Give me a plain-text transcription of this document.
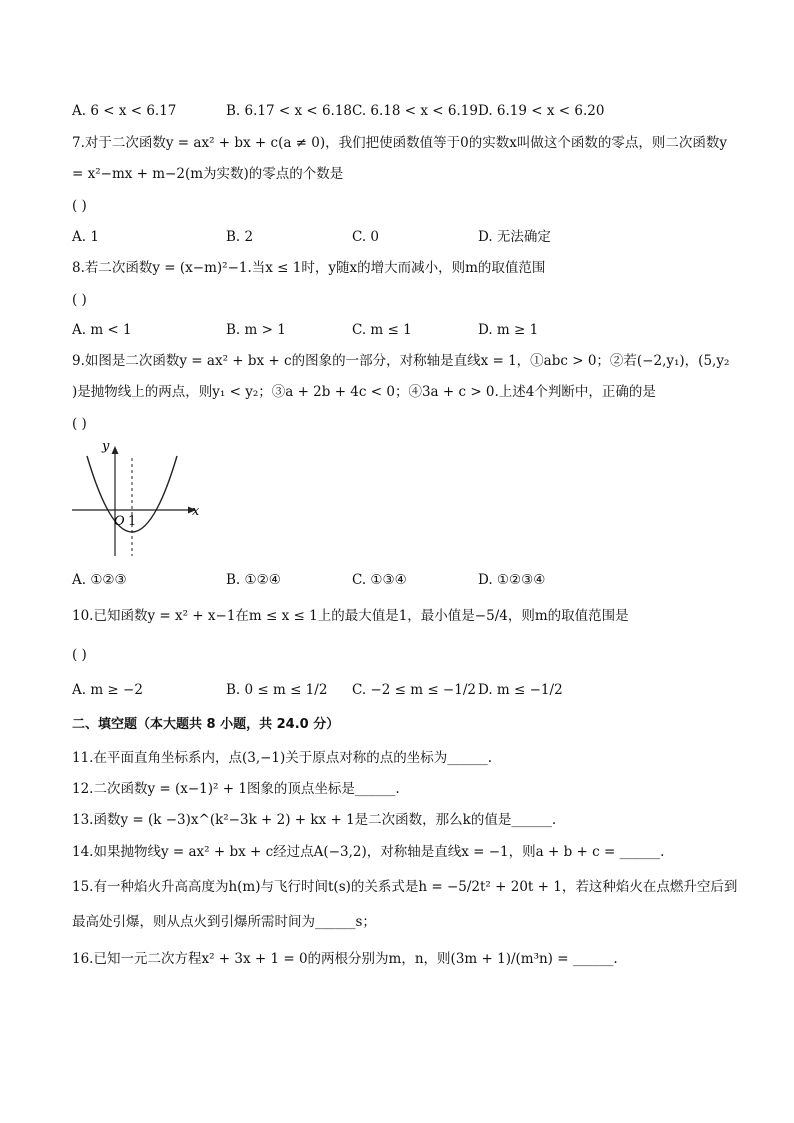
A. 6 < x < 6.17	B. 6.17 < x < 6.18 C. 6.18 < x < 6.19 D. 6.19 < x < 6.20
7.对于二次函数y = ax² + bx + c(a ≠ 0)，我们把使函数值等于0的实数x叫做这个函数的零点，则二次函数y
= x²−mx + m−2(m为实数)的零点的个数是
( )
A. 1	B. 2	C. 0	D. 无法确定
8.若二次函数y = (x−m)²−1.当x ≤ 1时，y随x的增大而减小，则m的取值范围
( )
A. m < 1	B. m > 1	C. m ≤ 1	D. m ≥ 1
9.如图是二次函数y = ax² + bx + c的图象的一部分，对称轴是直线x = 1，①abc > 0；②若(−2,y₁)，(5,y₂
)是抛物线上的两点，则y₁ < y₂；③a + 2b + 4c < 0；④3a + c > 0.上述4个判断中，正确的是
( )
y
x
O 1
A. ①②③	B. ①②④	C. ①③④	D. ①②③④
10.已知函数y = x² + x−1在m ≤ x ≤ 1上的最大值是1，最小值是−5/4，则m的取值范围是
( )
A. m ≥ −2	B. 0 ≤ m ≤ 1/2 C. −2 ≤ m ≤ −1/2 D. m ≤ −1/2
二、填空题（本大题共 8 小题，共 24.0 分）
11.在平面直角坐标系内，点(3,−1)关于原点对称的点的坐标为______.
12.二次函数y = (x−1)² + 1图象的顶点坐标是______.
13.函数y = (k −3)x^(k²−3k + 2) + kx + 1是二次函数，那么k的值是______.
14.如果抛物线y = ax² + bx + c经过点A(−3,2)，对称轴是直线x = −1，则a + b + c = ______.
15.有一种焰火升高高度为h(m)与飞行时间t(s)的关系式是h = −5/2t² + 20t + 1，若这种焰火在点燃升空后到
最高处引爆，则从点火到引爆所需时间为______s；
16.已知一元二次方程x² + 3x + 1 = 0的两根分别为m，n，则(3m + 1)/(m³n) = ______.
